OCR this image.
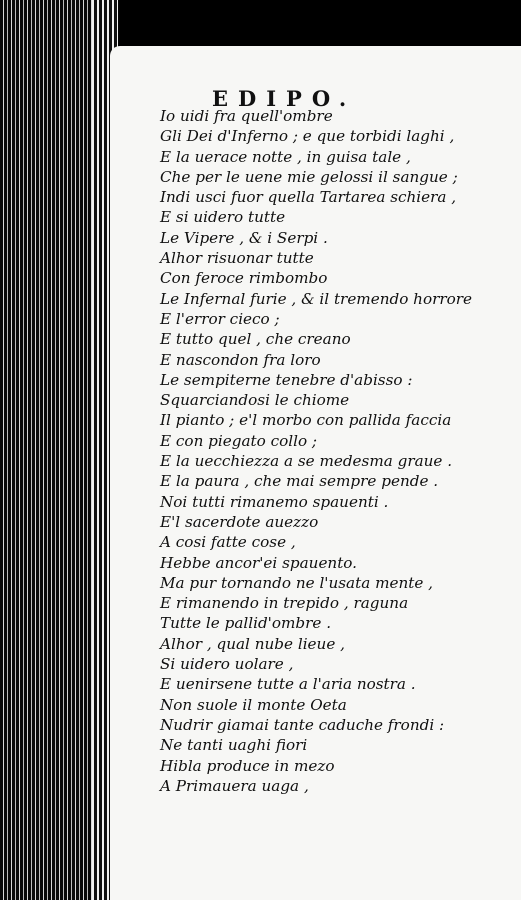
EDIPO.
Io uidi fra quell'ombre
Gli Dei d'Inferno ; e que torbidi laghi ,
E la uerace notte , in guisa tale ,
Che per le uene mie gelossi il sangue ;
Indi usci fuor quella Tartarea schiera ,
E si uidero tutte
Le Vipere , & i Serpi .
Alhor risuonar tutte
Con feroce rimbombo
Le Infernal furie , & il tremendo horrore
E l'error cieco ;
E tutto quel , che creano
E nascondon fra loro
Le sempiterne tenebre d'abisso :
Squarciandosi le chiome
Il pianto ; e'l morbo con pallida faccia
E con piegato collo ;
E la uecchiezza a se medesma graue .
E la paura , che mai sempre pende .
Noi tutti rimanemo spauenti .
E'l sacerdote auezzo
A cosi fatte cose ,
Hebbe ancor'ei spauento.
Ma pur tornando ne l'usata mente ,
E rimanendo in trepido , raguna
Tutte le pallid'ombre .
Alhor , qual nube lieue ,
Si uidero uolare ,
E uenirsene tutte a l'aria nostra .
Non suole il monte Oeta
Nudrir giamai tante caduche frondi :
Ne tanti uaghi fiori
Hibla produce in mezo
A Primauera uaga ,
